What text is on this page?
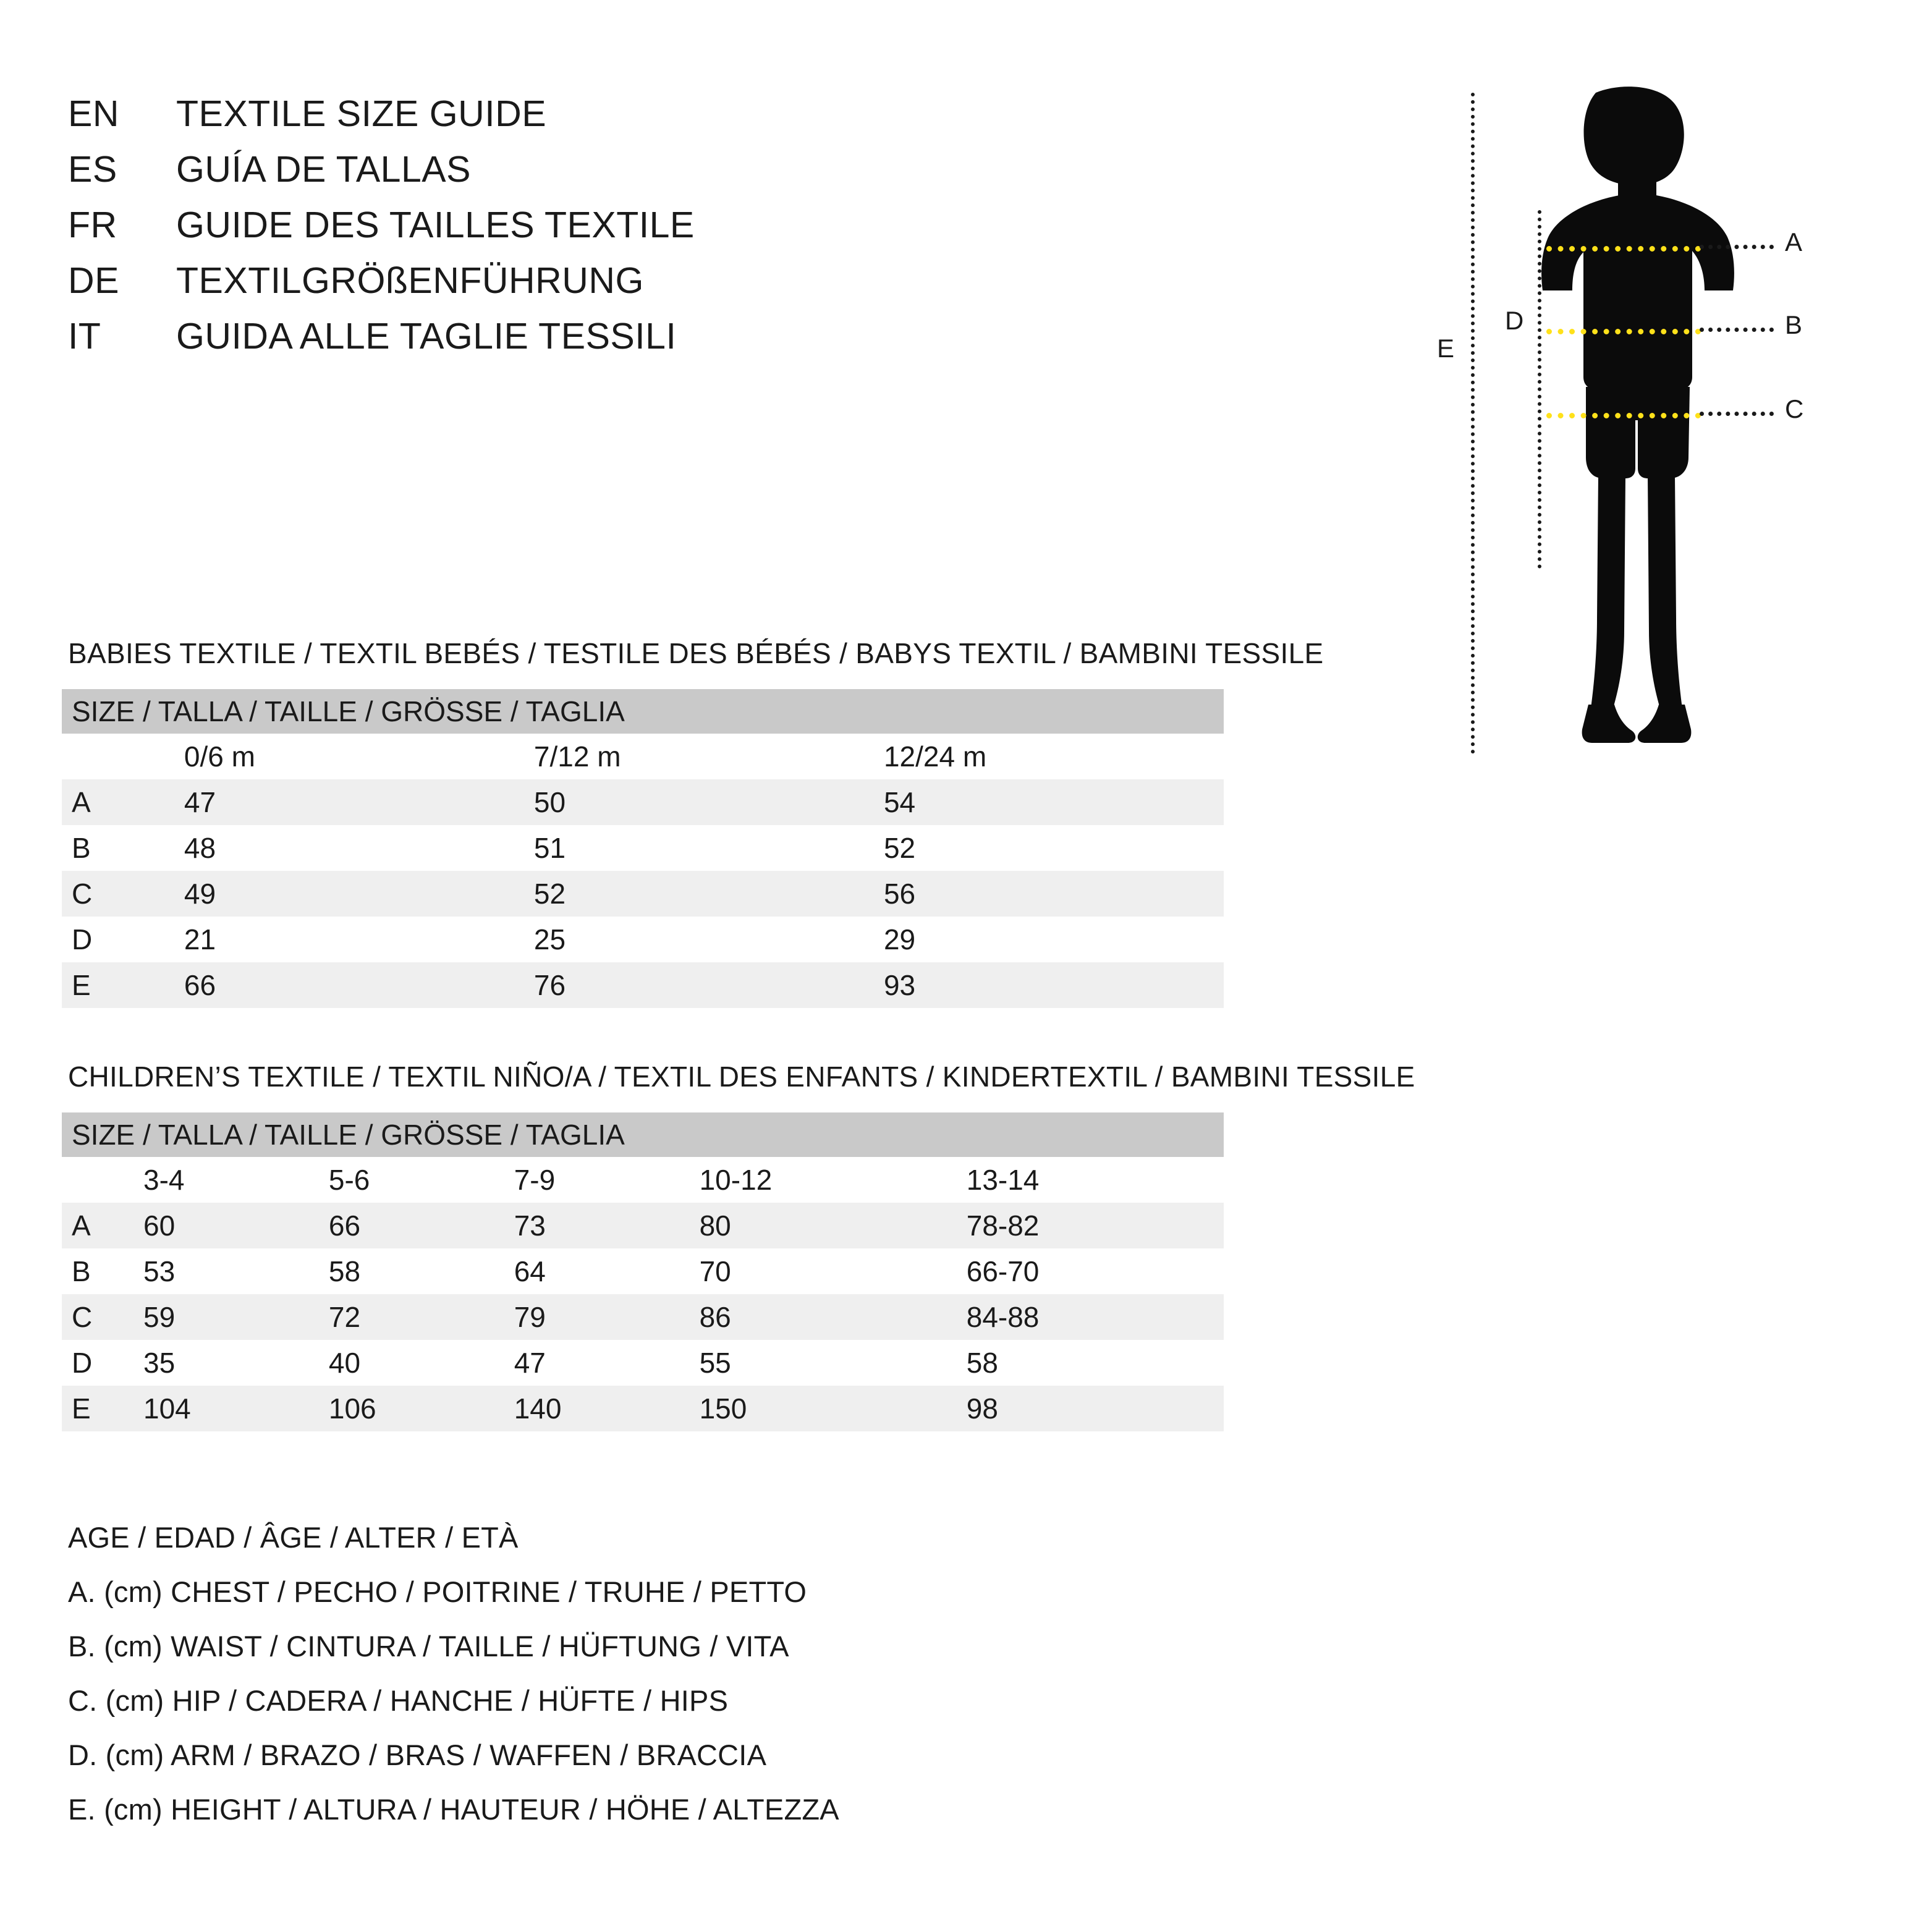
EN	TEXTILE SIZE GUIDE
ES	GUÍA DE TALLAS
FR	GUIDE DES TAILLES TEXTILE
DE	TEXTILGRÖßENFÜHRUNG
IT	GUIDA ALLE TAGLIE TESSILI	E
D
A
B
C
BABIES TEXTILE / TEXTIL BEBÉS / TESTILE DES BÉBÉS / BABYS TEXTIL / BAMBINI TESSILE
SIZE / TALLA / TAILLE / GRÖSSE / TAGLIA			
	0/6 m	7/12 m	12/24 m
A	47	50	54
B	48	51	52
C	49	52	56
D	21	25	29
E	66	76	93
CHILDREN’S TEXTILE / TEXTIL NIÑO/A / TEXTIL DES ENFANTS / KINDERTEXTIL / BAMBINI TESSILE
SIZE / TALLA / TAILLE / GRÖSSE / TAGLIA					
	3-4	5-6	7-9	10-12	13-14
A	60	66	73	80	78-82
B	53	58	64	70	66-70
C	59	72	79	86	84-88
D	35	40	47	55	58
E	104	106	140	150	98
AGE / EDAD / ÂGE / ALTER / ETÀ
A. (cm) CHEST / PECHO / POITRINE / TRUHE / PETTO
B. (cm) WAIST / CINTURA / TAILLE / HÜFTUNG / VITA
C. (cm) HIP / CADERA / HANCHE / HÜFTE / HIPS
D. (cm) ARM / BRAZO / BRAS / WAFFEN / BRACCIA
E. (cm) HEIGHT / ALTURA / HAUTEUR / HÖHE / ALTEZZA
